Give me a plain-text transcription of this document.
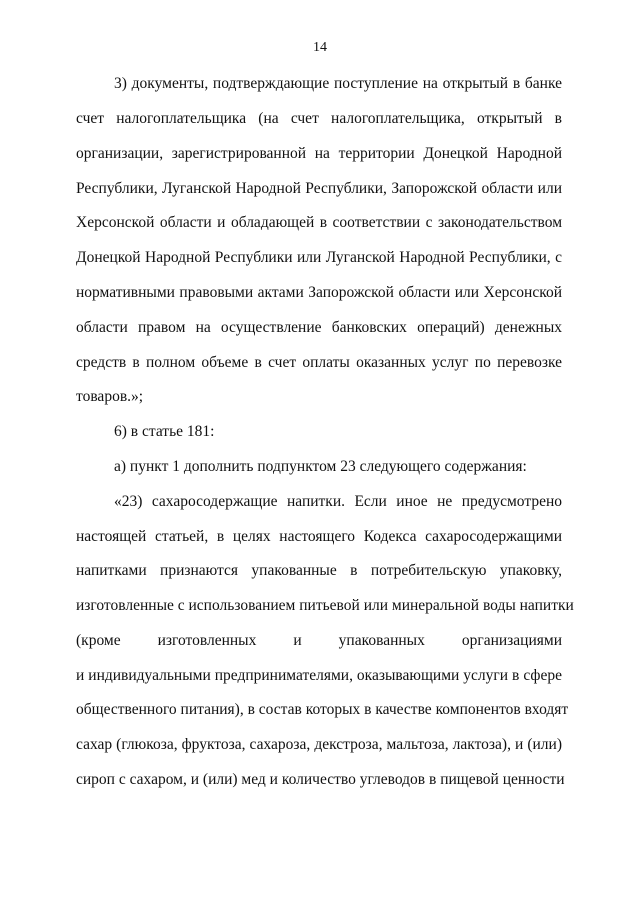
14
3) документы, подтверждающие поступление на открытый в банке
счет налогоплательщика (на счет налогоплательщика, открытый в
организации, зарегистрированной на территории Донецкой Народной
Республики, Луганской Народной Республики, Запорожской области или
Херсонской области и обладающей в соответствии с законодательством
Донецкой Народной Республики или Луганской Народной Республики, с
нормативными правовыми актами Запорожской области или Херсонской
области правом на осуществление банковских операций) денежных
средств в полном объеме в счет оплаты оказанных услуг по перевозке
товаров.»;
6) в статье 181:
а) пункт 1 дополнить подпунктом 23 следующего содержания:
«23) сахаросодержащие напитки. Если иное не предусмотрено
настоящей статьей, в целях настоящего Кодекса сахаросодержащими
напитками признаются упакованные в потребительскую упаковку,
изготовленные с использованием питьевой или минеральной воды напитки
(кроме изготовленных и упакованных организациями
и индивидуальными предпринимателями, оказывающими услуги в сфере
общественного питания), в состав которых в качестве компонентов входят
сахар (глюкоза, фруктоза, сахароза, декстроза, мальтоза, лактоза), и (или)
сироп с сахаром, и (или) мед и количество углеводов в пищевой ценности
